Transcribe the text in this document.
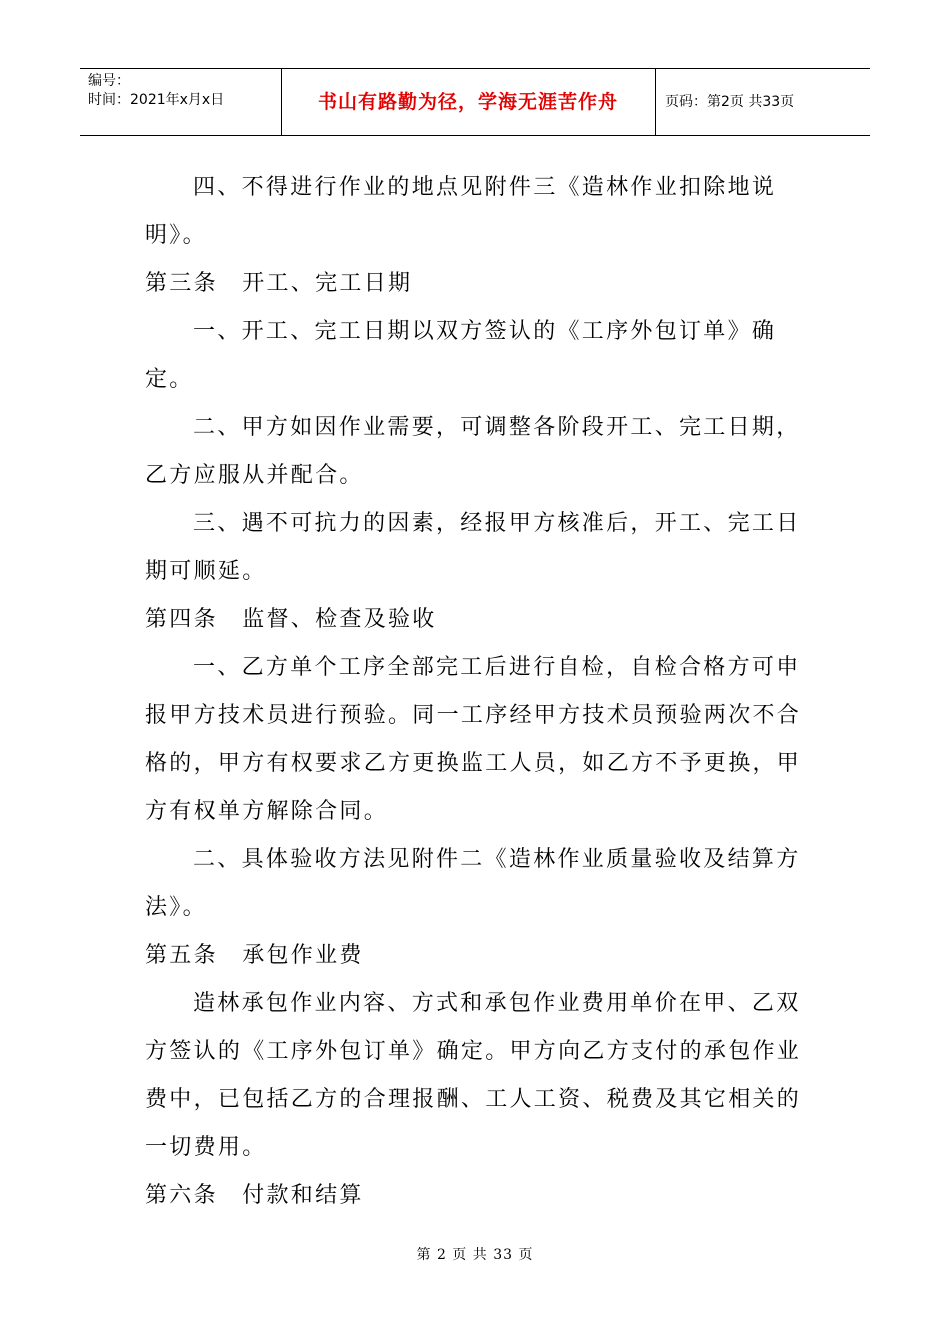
编号：
时间：2021年x月x日	书山有路勤为径，学海无涯苦作舟	页码：第2页 共33页

四、不得进行作业的地点见附件三《造林作业扣除地说明》。

第三条　开工、完工日期

一、开工、完工日期以双方签认的《工序外包订单》确定。

二、甲方如因作业需要，可调整各阶段开工、完工日期，乙方应服从并配合。

三、遇不可抗力的因素，经报甲方核准后，开工、完工日期可顺延。

第四条　监督、检查及验收

一、乙方单个工序全部完工后进行自检，自检合格方可申报甲方技术员进行预验。同一工序经甲方技术员预验两次不合格的，甲方有权要求乙方更换监工人员，如乙方不予更换，甲方有权单方解除合同。

二、具体验收方法见附件二《造林作业质量验收及结算方法》。

第五条　承包作业费

造林承包作业内容、方式和承包作业费用单价在甲、乙双方签认的《工序外包订单》确定。甲方向乙方支付的承包作业费中，已包括乙方的合理报酬、工人工资、税费及其它相关的一切费用。

第六条　付款和结算

第 2 页 共 33 页
